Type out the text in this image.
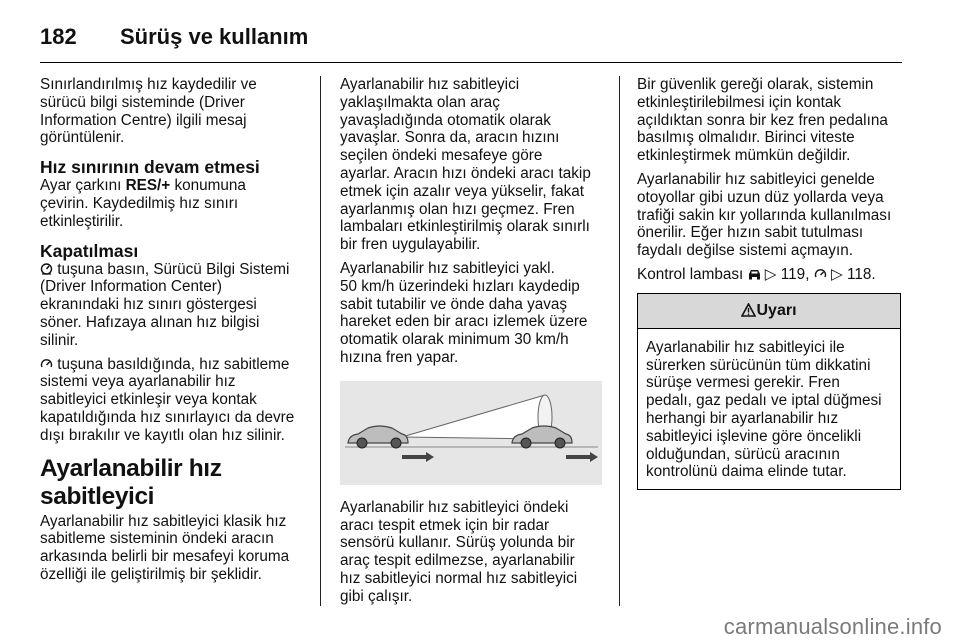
182 Sürüş ve kullanım

Sınırlandırılmış hız kaydedilir ve
sürücü bilgi sisteminde (Driver
Information Centre) ilgili mesaj
görüntülenir.

Hız sınırının devam etmesi

Ayar çarkını RES/+ konumuna
çevirin. Kaydedilmiş hız sınırı
etkinleştirilir.

Kapatılması

tuşuna basın, Sürücü Bilgi Sistemi
(Driver Information Center)
ekranındaki hız sınırı göstergesi
söner. Hafızaya alınan hız bilgisi
silinir.

tuşuna basıldığında, hız sabitleme
sistemi veya ayarlanabilir hız
sabitleyici etkinleşir veya kontak
kapatıldığında hız sınırlayıcı da devre
dışı bırakılır ve kayıtlı olan hız silinir.

Ayarlanabilir hız sabitleyici

Ayarlanabilir hız sabitleyici klasik hız
sabitleme sisteminin öndeki aracın
arkasında belirli bir mesafeyi koruma
özelliği ile geliştirilmiş bir şeklidir.

Ayarlanabilir hız sabitleyici
yaklaşılmakta olan araç
yavaşladığında otomatik olarak
yavaşlar. Sonra da, aracın hızını
seçilen öndeki mesafeye göre
ayarlar. Aracın hızı öndeki aracı takip
etmek için azalır veya yükselir, fakat
ayarlanmış olan hızı geçmez. Fren
lambaları etkinleştirilmiş olarak sınırlı
bir fren uygulayabilir.

Ayarlanabilir hız sabitleyici yakl.
50 km/h üzerindeki hızları kaydedip
sabit tutabilir ve önde daha yavaş
hareket eden bir aracı izlemek üzere
otomatik olarak minimum 30 km/h
hızına fren yapar.

Ayarlanabilir hız sabitleyici öndeki
aracı tespit etmek için bir radar
sensörü kullanır. Sürüş yolunda bir
araç tespit edilmezse, ayarlanabilir
hız sabitleyici normal hız sabitleyici
gibi çalışır.

Bir güvenlik gereği olarak, sistemin
etkinleştirilebilmesi için kontak
açıldıktan sonra bir kez fren pedalına
basılmış olmalıdır. Birinci viteste
etkinleştirmek mümkün değildir.

Ayarlanabilir hız sabitleyici genelde
otoyollar gibi uzun düz yollarda veya
trafiği sakin kır yollarında kullanılması
önerilir. Eğer hızın sabit tutulması
faydalı değilse sistemi açmayın.

Kontrol lambası  ▷ 119,  ▷ 118.

Uyarı
Ayarlanabilir hız sabitleyici ile
sürerken sürücünün tüm dikkatini
sürüşe vermesi gerekir. Fren
pedalı, gaz pedalı ve iptal düğmesi
herhangi bir ayarlanabilir hız
sabitleyici işlevine göre öncelikli
olduğundan, sürücü aracının
kontrolünü daima elinde tutar.
carmanualsonline.info
